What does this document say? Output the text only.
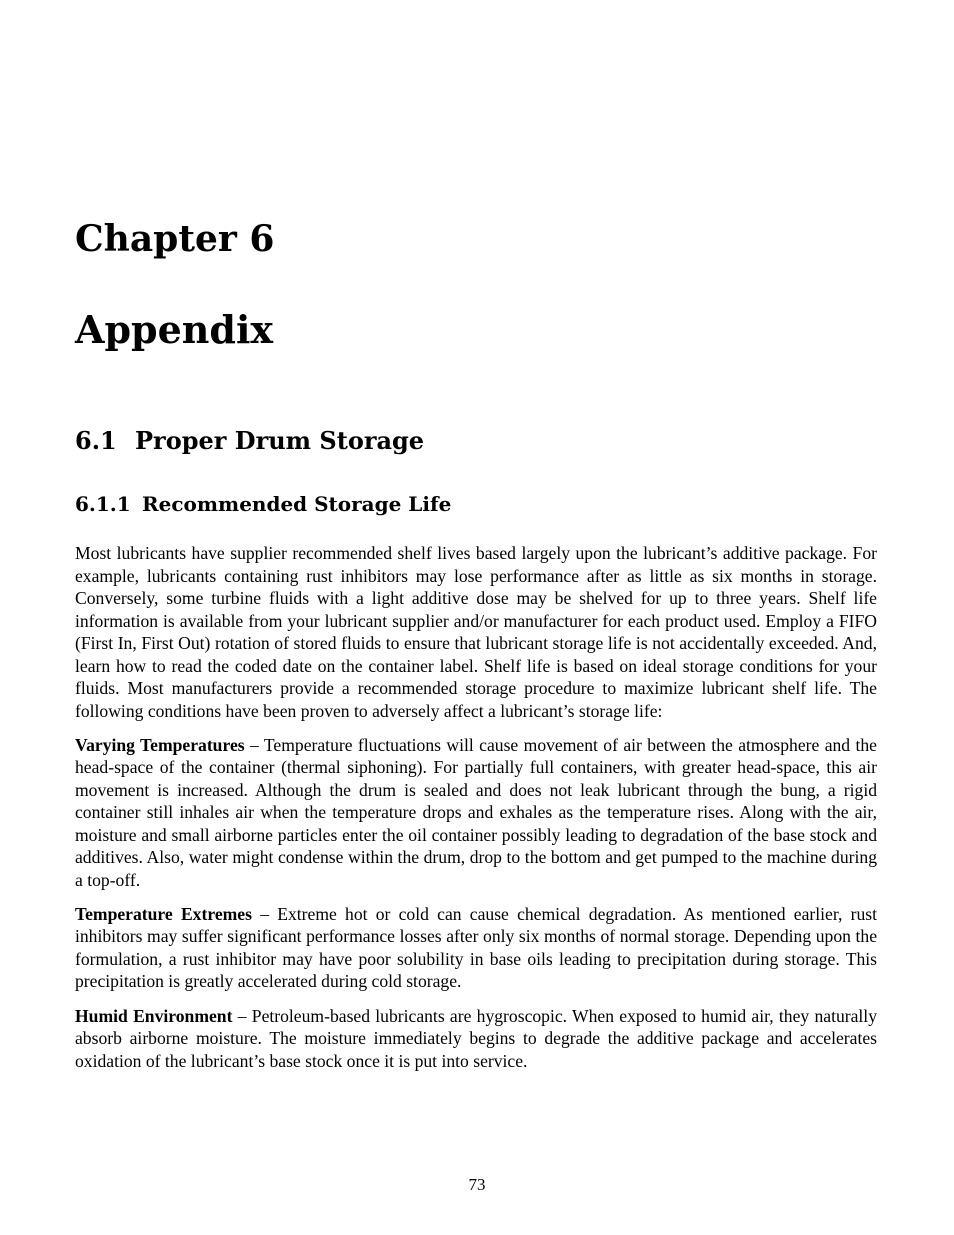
Chapter 6
Appendix
6.1 Proper Drum Storage
6.1.1 Recommended Storage Life

Most lubricants have supplier recommended shelf lives based largely upon the lubricant’s additive package. For example, lubricants containing rust inhibitors may lose performance after as little as six months in storage. Conversely, some turbine fluids with a light additive dose may be shelved for up to three years. Shelf life information is available from your lubricant supplier and/or manufacturer for each product used. Employ a FIFO (First In, First Out) rotation of stored fluids to ensure that lubricant storage life is not accidentally exceeded. And, learn how to read the coded date on the container label. Shelf life is based on ideal storage conditions for your fluids. Most manufacturers provide a recommended storage procedure to maximize lubricant shelf life. The following conditions have been proven to adversely affect a lubricant’s storage life:

Varying Temperatures – Temperature fluctuations will cause movement of air between the atmosphere and the head-space of the container (thermal siphoning). For partially full containers, with greater head-space, this air movement is increased. Although the drum is sealed and does not leak lubricant through the bung, a rigid container still inhales air when the temperature drops and exhales as the temperature rises. Along with the air, moisture and small airborne particles enter the oil container possibly leading to degradation of the base stock and additives. Also, water might condense within the drum, drop to the bottom and get pumped to the machine during a top-off.

Temperature Extremes – Extreme hot or cold can cause chemical degradation. As mentioned earlier, rust inhibitors may suffer significant performance losses after only six months of normal storage. Depending upon the formulation, a rust inhibitor may have poor solubility in base oils leading to precipitation during storage. This precipitation is greatly accelerated during cold storage.

Humid Environment – Petroleum-based lubricants are hygroscopic. When exposed to humid air, they naturally absorb airborne moisture. The moisture immediately begins to degrade the additive package and accelerates oxidation of the lubricant’s base stock once it is put into service.

73
